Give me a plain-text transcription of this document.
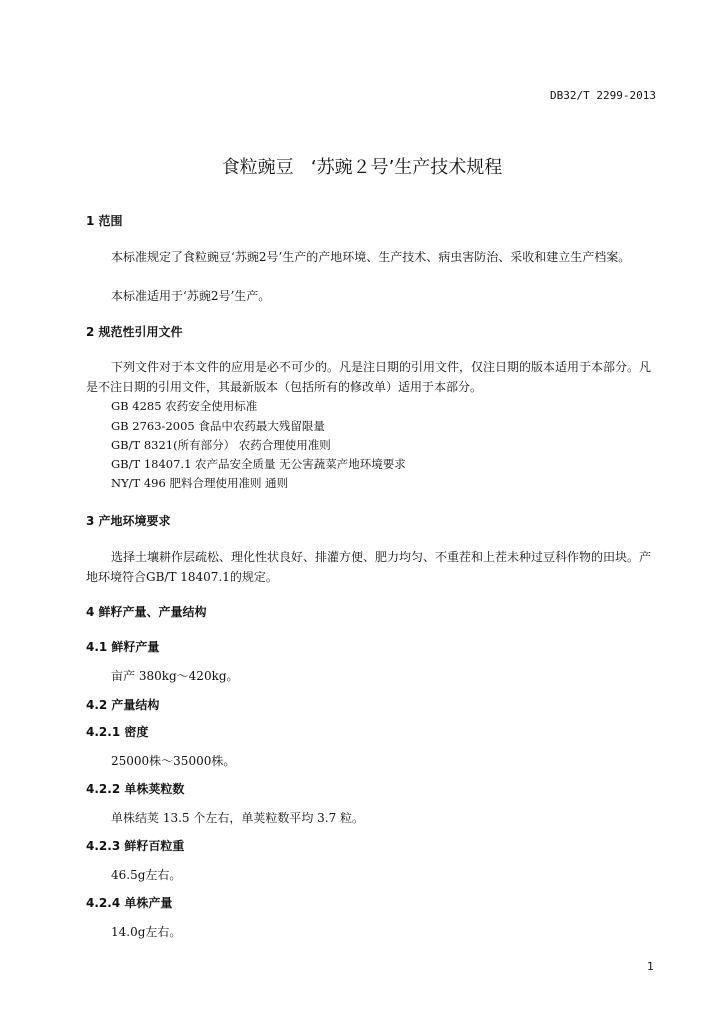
DB32/T 2299-2013
食粒豌豆   ‘苏豌２号’生产技术规程
1 范围
本标准规定了食粒豌豆‘苏豌2号’生产的产地环境、生产技术、病虫害防治、采收和建立生产档案。
本标准适用于‘苏豌2号’生产。
2 规范性引用文件
下列文件对于本文件的应用是必不可少的。凡是注日期的引用文件，仅注日期的版本适用于本部分。凡是不注日期的引用文件，其最新版本（包括所有的修改单）适用于本部分。
GB 4285 农药安全使用标准
GB 2763-2005 食品中农药最大残留限量
GB/T 8321(所有部分） 农药合理使用准则
GB/T 18407.1 农产品安全质量 无公害蔬菜产地环境要求
NY/T 496 肥料合理使用准则 通则
3 产地环境要求
选择土壤耕作层疏松、理化性状良好、排灌方便、肥力均匀、不重茬和上茬未种过豆科作物的田块。产地环境符合GB/T 18407.1的规定。
4 鲜籽产量、产量结构
4.1 鲜籽产量
亩产 380kg～420kg。
4.2 产量结构
4.2.1 密度
25000株～35000株。
4.2.2 单株荚粒数
单株结荚 13.5 个左右，单荚粒数平均 3.7 粒。
4.2.3 鲜籽百粒重
46.5g左右。
4.2.4 单株产量
14.0g左右。
1
